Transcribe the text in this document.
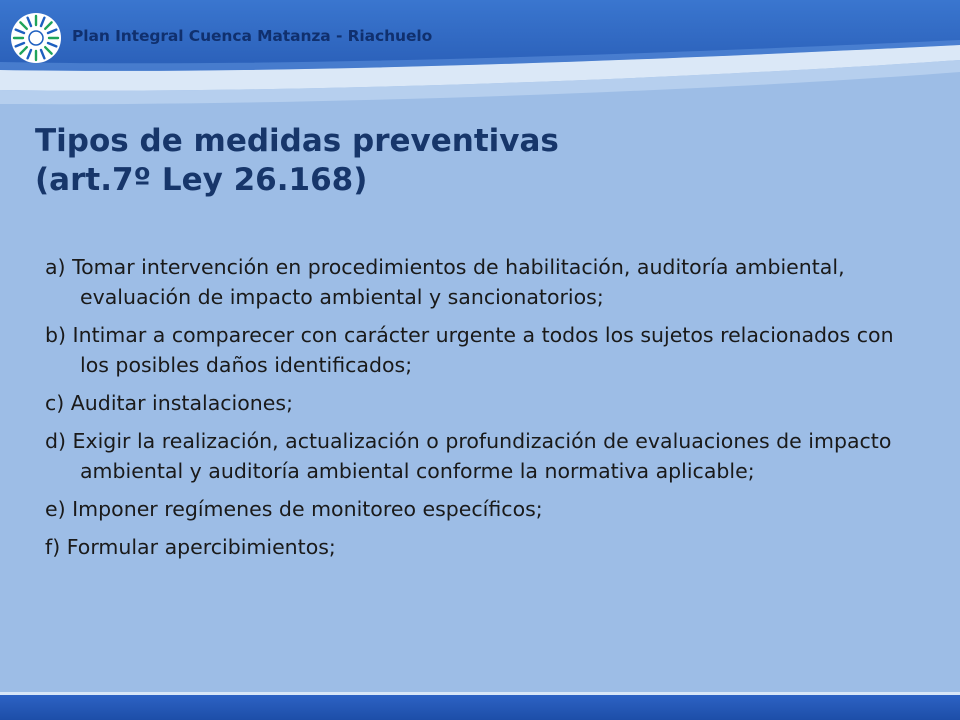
Plan Integral Cuenca Matanza - Riachuelo
Tipos de medidas preventivas
(art.7º Ley 26.168)
a) Tomar intervención en procedimientos de habilitación, auditoría ambiental, evaluación de impacto ambiental y sancionatorios;
b) Intimar a comparecer con carácter urgente a todos los sujetos relacionados con los posibles daños identificados;
c) Auditar instalaciones;
d) Exigir la realización, actualización o profundización de evaluaciones de impacto ambiental y auditoría ambiental conforme la normativa aplicable;
e) Imponer regímenes de monitoreo específicos;
f) Formular apercibimientos;
